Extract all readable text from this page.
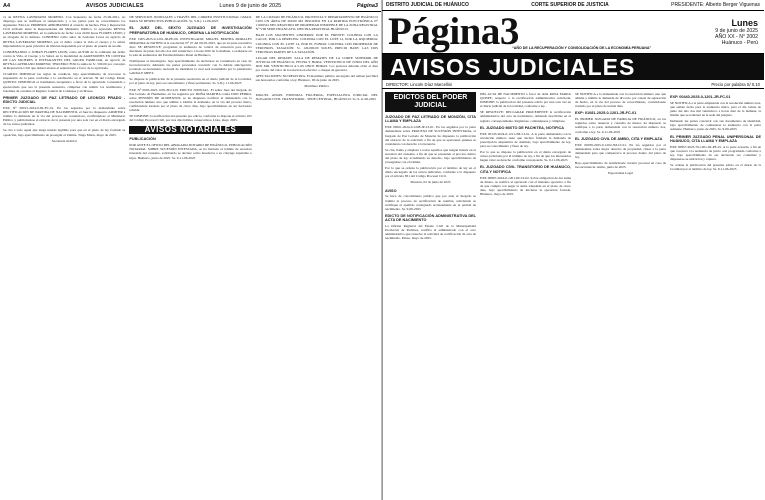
A4	AVISOS JUDICIALES	Lunes 9 de junio de 2025	Página3

vs de REYNA LAVERIANO MORENO. Con Sentencia de fecha 25-06-2021, no dispongo que se notifique al sentenciado y a las partes para su conocimiento los siguientes: FALLA: PRIMERO: APROBANDO el acuerdo de hechos. Fina y Reparación Civil arribado entre la Representante del Ministerio Público, la agraviada REYNA LAVERIANO MORENO, en la audiencia de fecha: a las 24:00 horas FLORES LEON; y su abogado de la defensa. CONDENO como autor de Lesiones Leves en agravio de REYNA LAVERIANO MORENO, por el delito contra la vida el cuerpo y la salud, imponiéndole la pena privativa de libertad suspendida por el plazo de prueba de un año.

CONDENANDO a: JOHAN FLORES LEON, como AUTOR de la comisión del delito contra la Vida, el Cuerpo y la Salud, en la modalidad de AGRESIONES EN CONTRA DE LAS MUJERES O INTEGRANTES DEL GRUPO FAMILIAR, en agravio de REYNA LAVERIANO MORENO; TERCERO: FIJO la suma de S/. 500.00 por concepto de Reparación Civil que deberá abonar el sentenciado a favor de la agraviada.

CUARTO: IMPONGO las reglas de conducta, bajo apercibimiento de revocarse la suspensión de la pena conforme a lo establecido en el artículo 59 del Código Penal; QUINTO: DISPONGO el tratamiento terapéutico a favor de la agraviada. Consentida o ejecutoriada que sea la presente sentencia, cúmplase con remitir los testimonios y boletines de condena al Registro Central de Condenas y archívese.

PRIMER JUZGADO DE PAZ LETRADO DE LEONCIO PRADO - EDICTO JUDICIAL

EXP. N° 00015-2024-0-JR-FC-01. En los seguidos por la demandante sobre RECTIFICACIÓN DE PARTIDA DE NACIMIENTO, el Juez ha dispuesto: ADMITIR a trámite la demanda en la vía del proceso no contencioso, notificándose al Ministerio Público y publicándose el extracto de la presente por una sola vez en el diario encargado de los avisos judiciales.

Se cita a todo aquel que tenga interés legítimo para que en el plazo de ley formule su oposición, bajo apercibimiento de proseguir el trámite. Tingo María, mayo de 2025.

Secretaria Judicial

DE SERVICIOS JUDICIALES a TRAVÉS DEL CORREO INSTITUCIONAL GMAIL PARA SU RESPECTIVA PUBLICACIÓN. Ss. S.D.y 11-06-2025

EL JUEZ DEL SEXTO JUZGADO DE INVESTIGACIÓN PREPARATORIA DE HUÁNUCO, ORDENA LA NOTIFICACIÓN

EXP. 1905-2025-0-1201-JR-PE-06. INVESTIGADO: MIGUEL BERTHA MORALES MIRANDA de NOTIFICA la resolución N° 07 del 09-05-2025, que en su parte resolutiva dice: SE RESUELVE: programar la audiencia de control de acusación para el día diecisiete de junio del año dos mil veinticinco a horas 9:00 de la mañana, a realizarse en la sala de audiencias del Establecimiento Penal de Huánuco.

Notifíquese al investigado, bajo apercibimiento de declararse su contumacia en caso de inconcurrencia; debiendo las partes procesales concurrir con la debida anticipación, portando su documento nacional de identidad, la cual será transmitida por la plataforma GOOGLE MEET.

Se dispone la publicación de la presente resolución en el diario judicial de la localidad, por el plazo de ley, para su conocimiento y fines pertinentes. Ss. S.D.y 11-06-2025

EXP. N° 0005-2025-1205-JP-CI-01 EDICTO JUDICIAL. El señor Juez del Juzgado de Paz Letrado de Huamalíes, en los seguidos por DOÑA MARTHA contra DON PEDRO, sobre PENSIÓN DE ALIMENTOS, se ha dispuesto notificar al demandado con la resolución número uno que admite a trámite la demanda, en la vía del proceso único, confiriéndole traslado por el plazo de cinco días, bajo apercibimiento de ser declarado rebelde.

SE DISPONE: la notificación del presente por edicto, conforme lo dispone el artículo 165 del Código Procesal Civil, por tres días hábiles consecutivos. Llata, mayo 2025.

AVISOS NOTARIALES
PUBLICACIÓN

POR ANTE EL OFICIO DEL ABOGADO-NOTARIO DE HUÁNUCO, PUBLICACIÓN NOTARIAL SOBRE SUCESIÓN INTESTADA, se ha iniciado el trámite de sucesión intestada del causante, solicitando se declare como herederos a su cónyuge supérstite e hijos. Huánuco, junio de 2025. Ss. 9-11-06-2025

DE LA CIUDAD DE HUÁNUCO, PROVINCIA Y DEPARTAMENTO DE HUÁNUCO CON UN ÁREA DE 200.00 M2 INSCRITO EN LA PARTIDA ELECTRÓNICA N° 11029541 DEL REGISTRO DE PROPIEDAD INMUEBLE DE LA ZONA REGISTRAL N° VIII SEDE HUANCAYO, OFICINA REGISTRAL HUÁNUCO.

BAJO LOS SIGUIENTES LINDEROS: POR EL FRENTE: COLINDA CON LA CALLE, POR LA DERECHA: COLINDA CON EL LOTE 12, POR LA IZQUIERDA: COLINDA CON EL LOTE 14, POR EL FONDO: COLINDA CON PROPIEDAD DE TERCEROS. TASACIÓN: S/. 120,000.00 SOLES, PRECIO BASE: LAS DOS TERCERAS PARTES DE LA TASACIÓN.

LUGAR DEL REMATE: SALA DE REMATES DE LA CORTE SUPERIOR DE JUSTICIA DE HUÁNUCO, FECHA Y HORA: VEINTICINCO DE JUNIO DEL AÑO DOS MIL VEINTICINCO A LAS ONCE HORAS. Los postores deberán oblar el diez por ciento del valor de la tasación en efectivo o cheque de gerencia.

AFECTACIONES: NO REGISTRA. El martillero público encargado del remate percibirá sus honorarios conforme a ley. Huánuco, 06 de junio de 2025.

Martillero Público

MIGUEL ANGEL ESPINOZA FIGUEROA, ESPECIALISTA JUDICIAL DEL JUZGADO CIVIL TRANSITORIO - SEDE CENTRAL, HUÁNUCO. Ss. 9-11-06-2025

DISTRITO JUDICIAL DE HUÁNUCO	CORTE SUPERIOR DE JUSTICIA	PRESIDENTE: Alberto Berger Viguenas
Página3
“AÑO DE LA RECUPERACIÓN Y CONSOLIDACIÓN DE LA ECONOMÍA PERUANA”
Lunes
9 de junio de 2025
AÑO XX - N° 2002
Huánuco - Perú
AVISOS JUDICIALES
DIRECTOR: Lincoln Díaz Marcellini	Precio por palabra S/ 0.10
EDICTOS DEL PODER JUDICIAL
JUZGADO DE PAZ LETRADO DE MONZÓN, CITA LLAMA Y EMPLAZA

EXP. 00021-2024-0-1208-JP-CI-01. En los seguidos por la parte demandante sobre PROCESO DE SUCESIÓN INTESTADA, el Juzgado de Paz Letrado de Monzón ha dispuesto la publicación del extracto de la solicitud, a fin de que se apersonen quienes se consideren con derecho a la herencia.

Se cita, llama y emplaza a todos aquellos que tengan interés en la sucesión del causante, a fin de que se presenten al proceso dentro del plazo de ley, acreditando su derecho, bajo apercibimiento de proseguirse con el trámite.

Por lo que se ordena la publicación por el término de ley en el diario encargado de los avisos judiciales, conforme a lo dispuesto por el artículo 831 del Código Procesal Civil.

Monzón, 02 de junio de 2025
AVISO

Se hace de conocimiento público que por ante el Juzgado se tramita el proceso de rectificación de nombre, solicitando se rectifique el apellido consignado erróneamente en la partida de nacimiento. Ss. 9-06-2025

EDICTO DE NOTIFICACIÓN ADMINISTRATIVA DEL ACTA DE NACIMIENTO

La Oficina Registral del Estado Civil de la Municipalidad Provincial de Pachitea, notifica al administrado con el acto administrativo que resuelve la solicitud de rectificación de acta de nacimiento. Panao, mayo de 2025.

DEL ACTA DE NACIMIENTO a favor de doña ROSA MARIA QUISPE, respecto a la rectificación administrativa solicitada, DISPONE: la publicación del presente edicto por una sola vez en el diario judicial de la localidad, conforme a ley.

SE RESUELVE: DECLARAR PROCEDENTE la rectificación administrativa del acta de nacimiento, debiendo inscribirse en el registro correspondiente. Regístrese, comuníquese y cúmplase.

EL JUZGADO MIXTO DE PACHITEA, NOTIFICA

EXP. 00145-2024-0-1211-JM-CI-01. A la parte demandada con la resolución número siete que declara fundada la demanda de prescripción adquisitiva de dominio, bajo apercibimiento de ley, para su conocimiento y fines de ley.

Por lo que se dispone la publicación en el diario encargado de avisos judiciales por el término de ley, a fin de que los interesados hagan valer su derecho conforme corresponda. Ss. 9-11-06-2025

EL JUZGADO CIVIL TRANSITORIO DE HUÁNUCO, CITA Y NOTIFICA

EXP. 00867-2024-0-1201-JR-CI-02. Sobre obligación de dar suma de dinero, se notifica al ejecutado con el mandato ejecutivo a fin de que cumpla con pagar la suma adeudada en el plazo de cinco días, bajo apercibimiento de iniciarse la ejecución forzada. Huánuco, mayo de 2025.

SE NOTIFICA a la demandada con la resolución número uno que admite a trámite la demanda de divorcio por causal de separación de hecho, en la vía del proceso de conocimiento, corriéndosele traslado por el plazo de treinta días.

EXP: 01081-2025-0-1201-JR-FC-01

EL PRIMER JUZGADO DE FAMILIA DE HUÁNUCO, en los seguidos sobre tenencia y custodia de menor, ha dispuesto se notifique a la parte demandada con la resolución número dos, conforme a ley. Ss. 9-11-06-2025

EL JUZGADO CIVIL DE AMBO, CITA Y EMPLAZA

EXP. 00039-2025-0-1202-JM-CI-01. En los seguidos por el demandante sobre mejor derecho de propiedad, cítese a la parte demandada para que comparezca al proceso dentro del plazo de ley.

Bajo apercibimiento de nombrársele curador procesal en caso de inconcurrencia. Ambo, junio de 2025.

Especialista Legal
EXP. 00440-2025-0-1201-JR-FC-01

SE NOTIFICA a la parte emplazada con la resolución número tres, que señala fecha para la audiencia única, para el día veinte de junio del año dos mil veinticinco a horas diez de la mañana, la misma que se realizará en la sede del juzgado.

Debiendo las partes concurrir con sus documentos de identidad, bajo apercibimiento de continuarse la audiencia con la parte asistente. Huánuco, junio de 2025. Ss. 9-06-2025

EL PRIMER JUZGADO PENAL UNIPERSONAL DE HUÁNUCO, CITA LLAMA Y EMPLAZA

EXP. 00957-2023-76-1201-JR-PE-01. A la parte acusada, a fin de que concurra a la audiencia de juicio oral programada conforme a ley, bajo apercibimiento de ser declarado reo contumaz y disponerse su ubicación y captura.

Se ordena la publicación del presente edicto en el diario de la localidad por el término de ley. Ss. 9-11-06-2025
